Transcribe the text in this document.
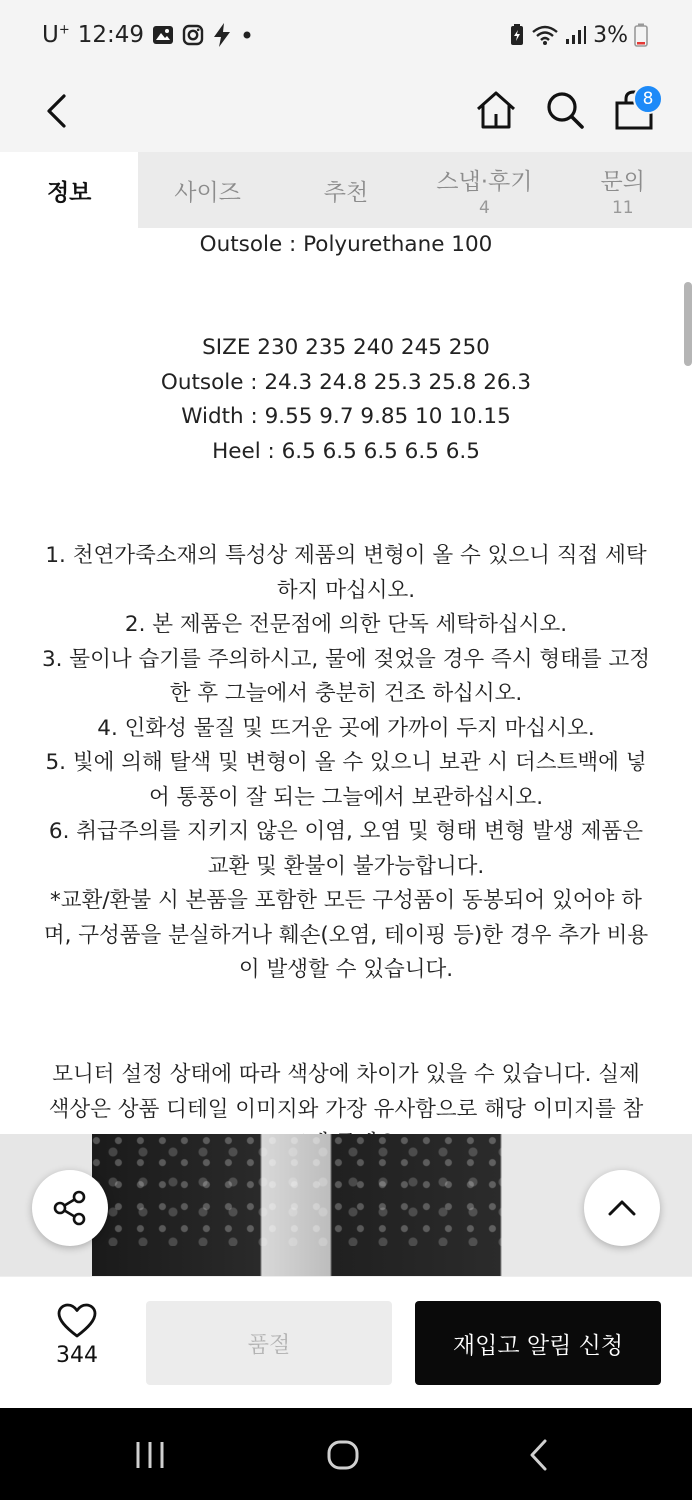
U+ 12:49	3%
8
정보	사이즈	추천	스냅·후기
4
문의
11
Outsole : Polyurethane 100
SIZE 230 235 240 245 250
Outsole : 24.3 24.8 25.3 25.8 26.3
Width : 9.55 9.7 9.85 10 10.15
Heel : 6.5 6.5 6.5 6.5 6.5
1. 천연가죽소재의 특성상 제품의 변형이 올 수 있으니 직접 세탁
하지 마십시오.
2. 본 제품은 전문점에 의한 단독 세탁하십시오.
3. 물이나 습기를 주의하시고, 물에 젖었을 경우 즉시 형태를 고정
한 후 그늘에서 충분히 건조 하십시오.
4. 인화성 물질 및 뜨거운 곳에 가까이 두지 마십시오.
5. 빛에 의해 탈색 및 변형이 올 수 있으니 보관 시 더스트백에 넣
어 통풍이 잘 되는 그늘에서 보관하십시오.
6. 취급주의를 지키지 않은 이염, 오염 및 형태 변형 발생 제품은
교환 및 환불이 불가능합니다.
*교환/환불 시 본품을 포함한 모든 구성품이 동봉되어 있어야 하
며, 구성품을 분실하거나 훼손(오염, 테이핑 등)한 경우 추가 비용
이 발생할 수 있습니다.
모니터 설정 상태에 따라 색상에 차이가 있을 수 있습니다. 실제
색상은 상품 디테일 이미지와 가장 유사함으로 해당 이미지를 참
344	품절	재입고 알림 신청
